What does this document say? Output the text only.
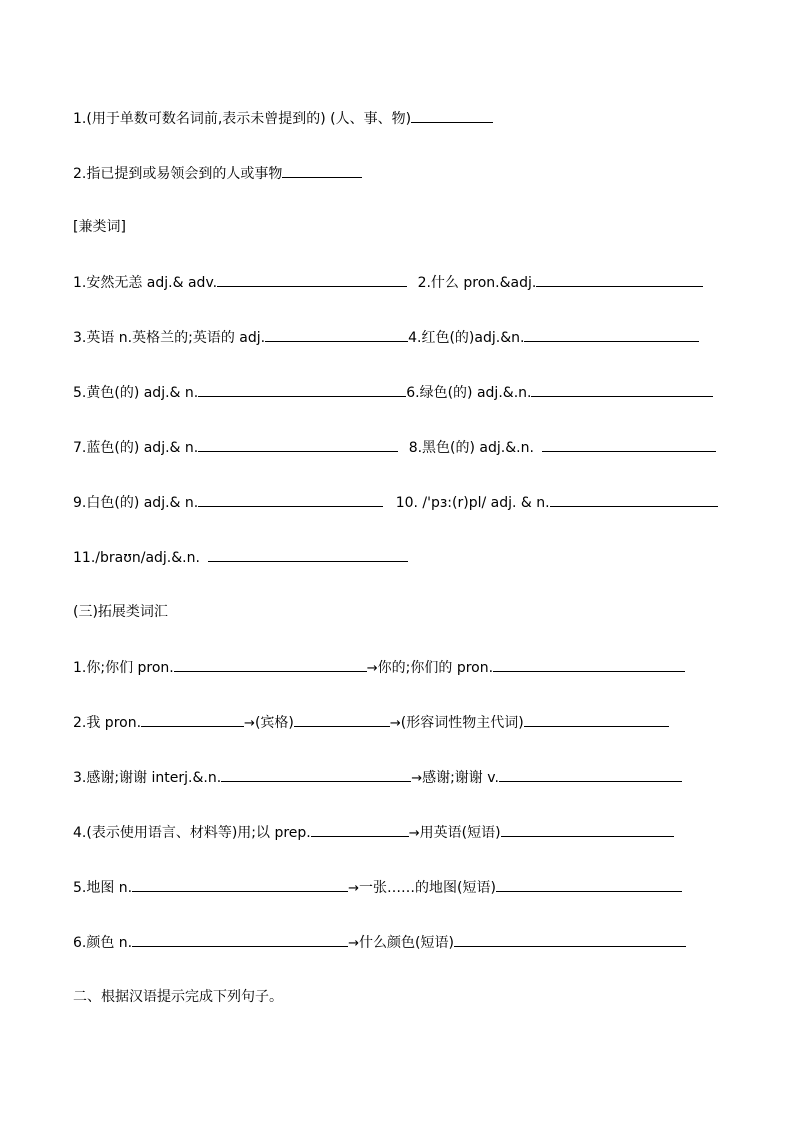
1.(用于单数可数名词前,表示未曾提到的) (人、事、物)
2.指已提到或易领会到的人或事物
[兼类词]
1.安然无恙 adj.& adv.	2.什么 pron.&adj.
3.英语 n.英格兰的;英语的 adj.	4.红色(的)adj.&n.
5.黄色(的) adj.& n.	6.绿色(的) adj.&.n.
7.蓝色(的) adj.& n.	8.黑色(的) adj.&.n.
9.白色(的) adj.& n.	10. /'pɜ:(r)pl/ adj. & n.
11./braʊn/adj.&.n.
(三)拓展类词汇
1.你;你们 pron.	→你的;你们的 pron.
2.我 pron.	→(宾格)	→(形容词性物主代词)
3.感谢;谢谢 interj.&.n.	→感谢;谢谢 v.
4.(表示使用语言、材料等)用;以 prep.	→用英语(短语)
5.地图 n.	→一张……的地图(短语)
6.颜色 n.	→什么颜色(短语)
二、根据汉语提示完成下列句子。
